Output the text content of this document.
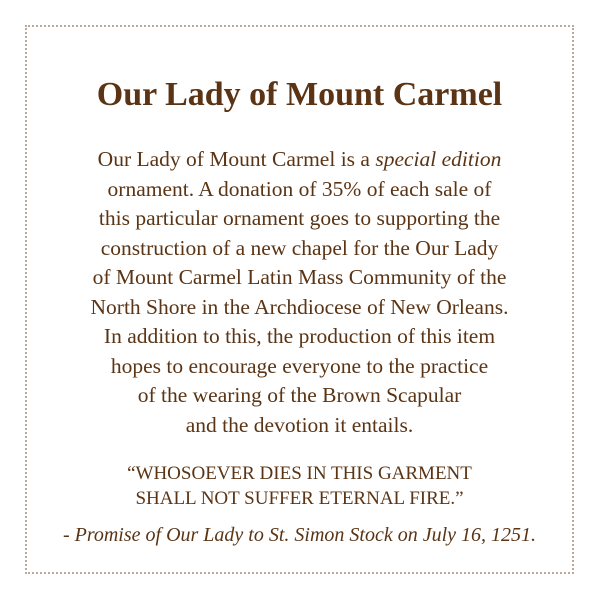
Our Lady of Mount Carmel

Our Lady of Mount Carmel is a special edition
ornament. A donation of 35% of each sale of
this particular ornament goes to supporting the
construction of a new chapel for the Our Lady
of Mount Carmel Latin Mass Community of the
North Shore in the Archdiocese of New Orleans.
In addition to this, the production of this item
hopes to encourage everyone to the practice
of the wearing of the Brown Scapular
and the devotion it entails.

“WHOSOEVER DIES IN THIS GARMENT
SHALL NOT SUFFER ETERNAL FIRE.”

- Promise of Our Lady to St. Simon Stock on July 16, 1251.
